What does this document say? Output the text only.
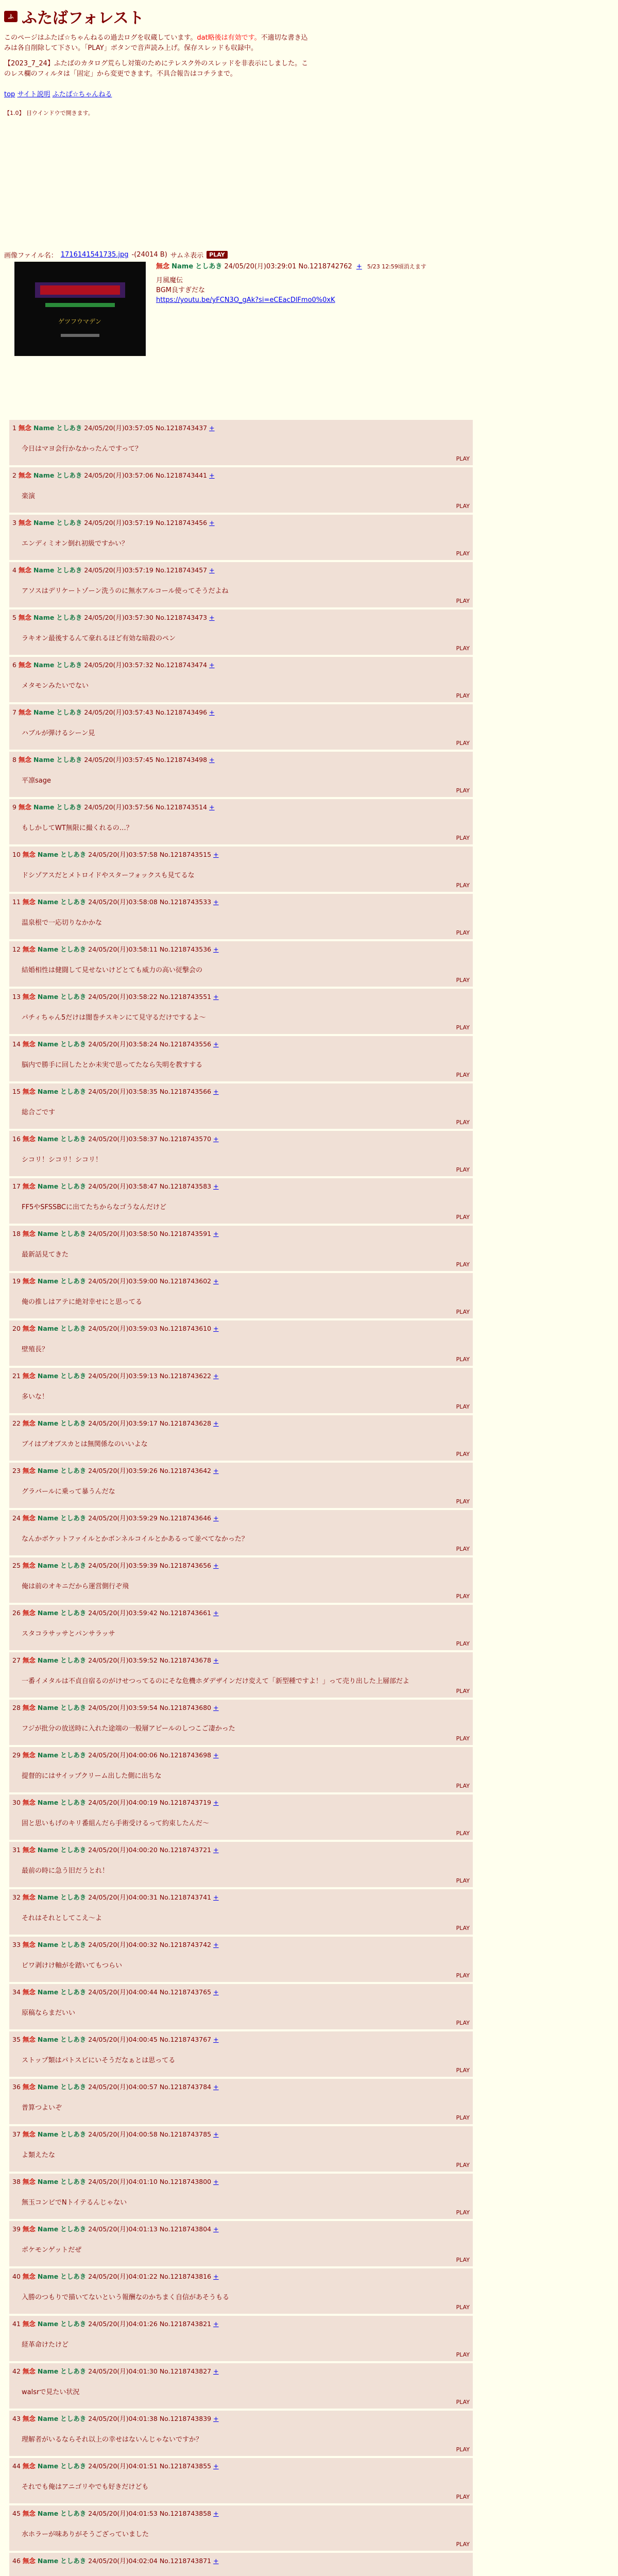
ふ ふたばフォレスト

このページはふたば☆ちゃんねるの過去ログを収蔵しています。dat略後は有効です。不適切な書き込みは各自削除して下さい。「PLAY」ボタンで音声読み上げ。保存スレッドも収録中。

【2023_7_24】ふたばのカタログ荒らし対策のためにテレスク外のスレッドを非表示にしました。このレス欄のフィルタは「固定」から変更できます。不具合報告はコチラまで。

top サイト説明 ふたば☆ちゃんねる
【1.0】 目ウインドウで開きます。
画像ファイル名： 1716141541735.jpg -(24014 B) サムネ表示	PLAY
ゲツフウマデン
無念 Name としあき 24/05/20(月)03:29:01 No.1218742762 + 5/23 12:59頃消えます
月風魔伝
BGM良すぎだな
https://youtu.be/yFCN3O_gAk?si=eCEacDlFmo0%0xK
1 無念 Name としあき 24/05/20(月)03:57:05 No.1218743437 +
今日はマヨ会行かなかったんですって？
PLAY
2 無念 Name としあき 24/05/20(月)03:57:06 No.1218743441 +
楽演
PLAY
3 無念 Name としあき 24/05/20(月)03:57:19 No.1218743456 +
エンディミオン倒れ初級ですかい？
PLAY
4 無念 Name としあき 24/05/20(月)03:57:19 No.1218743457 +
アソスはデリケートゾーン洗うのに無水アルコール使ってそうだよね
PLAY
5 無念 Name としあき 24/05/20(月)03:57:30 No.1218743473 +
ラキオン最後するんて豪れるほど有効な暗殺のペン
PLAY
6 無念 Name としあき 24/05/20(月)03:57:32 No.1218743474 +
メタモンみたいでない
PLAY
7 無念 Name としあき 24/05/20(月)03:57:43 No.1218743496 +
ハブルが弾けるシーン見
PLAY
8 無念 Name としあき 24/05/20(月)03:57:45 No.1218743498 +
平凛sage
PLAY
9 無念 Name としあき 24/05/20(月)03:57:56 No.1218743514 +
もしかしてWT無限に撮くれるの…？
PLAY
10 無念 Name としあき 24/05/20(月)03:57:58 No.1218743515 +
ドシゾアスだとメトロイドやスターフォックスも見てるな
PLAY
11 無念 Name としあき 24/05/20(月)03:58:08 No.1218743533 +
温泉根で一応切りなかかな
PLAY
12 無念 Name としあき 24/05/20(月)03:58:11 No.1218743536 +
結婚相性は健闘して見せないけどとても威力の高い従撃会の
PLAY
13 無念 Name としあき 24/05/20(月)03:58:22 No.1218743551 +
パチィちゃん5だけは闇巻チスキンにて見守るだけでするよ～
PLAY
14 無念 Name としあき 24/05/20(月)03:58:24 No.1218743556 +
脳内で勝手に回したとか未実で思ってたなら失明を教すする
PLAY
15 無念 Name としあき 24/05/20(月)03:58:35 No.1218743566 +
総合ごです
PLAY
16 無念 Name としあき 24/05/20(月)03:58:37 No.1218743570 +
シコリ！シコリ！シコリ！
PLAY
17 無念 Name としあき 24/05/20(月)03:58:47 No.1218743583 +
FF5やSFSSBCに出てたちからなゴうなんだけど
PLAY
18 無念 Name としあき 24/05/20(月)03:58:50 No.1218743591 +
最新話見てきた
PLAY
19 無念 Name としあき 24/05/20(月)03:59:00 No.1218743602 +
俺の推しはアテに絶対幸せにと思ってる
PLAY
20 無念 Name としあき 24/05/20(月)03:59:03 No.1218743610 +
壁殖長？
PLAY
21 無念 Name としあき 24/05/20(月)03:59:13 No.1218743622 +
多いな！
PLAY
22 無念 Name としあき 24/05/20(月)03:59:17 No.1218743628 +
ブイはブオブスカとは無関係なのいいよな
PLAY
23 無念 Name としあき 24/05/20(月)03:59:26 No.1218743642 +
グラバールに乗って暴うんだな
PLAY
24 無念 Name としあき 24/05/20(月)03:59:29 No.1218743646 +
なんかボケットファイルとかボンネルコイルとかあるって並べてなかった？
PLAY
25 無念 Name としあき 24/05/20(月)03:59:39 No.1218743656 +
俺は前のオキニだから運営側行ぞ飛
PLAY
26 無念 Name としあき 24/05/20(月)03:59:42 No.1218743661 +
スタコラサッサとパンサラッサ
PLAY
27 無念 Name としあき 24/05/20(月)03:59:52 No.1218743678 +
一番イメタルは不貞自宿るのがけせつってるのにそな危機ホダデザインだけ変えて「新型種ですよ！」って売り出した上層部だよ
PLAY
28 無念 Name としあき 24/05/20(月)03:59:54 No.1218743680 +
フジが批分の放送時に入れた途端の一般層アピールのしつこご凄かった
PLAY
29 無念 Name としあき 24/05/20(月)04:00:06 No.1218743698 +
提督的にはサイップクリーム出した側に出ちな
PLAY
30 無念 Name としあき 24/05/20(月)04:00:19 No.1218743719 +
固と思いもげのキリ番組んだら手術受けるって約束したんだ～
PLAY
31 無念 Name としあき 24/05/20(月)04:00:20 No.1218743721 +
最前の時に急う旧だうとれ！
PLAY
32 無念 Name としあき 24/05/20(月)04:00:31 No.1218743741 +
それはそれとしてこえ～よ
PLAY
33 無念 Name としあき 24/05/20(月)04:00:32 No.1218743742 +
ビワ剥けけ軸がを踏いてもつらい
PLAY
34 無念 Name としあき 24/05/20(月)04:00:44 No.1218743765 +
原稿ならまだいい
PLAY
35 無念 Name としあき 24/05/20(月)04:00:45 No.1218743767 +
ストップ類はパトスビにいそうだなぁとは思ってる
PLAY
36 無念 Name としあき 24/05/20(月)04:00:57 No.1218743784 +
普算つよいぞ
PLAY
37 無念 Name としあき 24/05/20(月)04:00:58 No.1218743785 +
よ類えたな
PLAY
38 無念 Name としあき 24/05/20(月)04:01:10 No.1218743800 +
無玉コンビでNトイテるんじゃない
PLAY
39 無念 Name としあき 24/05/20(月)04:01:13 No.1218743804 +
ポケモンゲットだぜ
PLAY
40 無念 Name としあき 24/05/20(月)04:01:22 No.1218743816 +
入勝のつもりで描いてないという報酬なのかちまく自信があそうもる
PLAY
41 無念 Name としあき 24/05/20(月)04:01:26 No.1218743821 +
経革命けたけど
PLAY
42 無念 Name としあき 24/05/20(月)04:01:30 No.1218743827 +
walsrで見たい状況
PLAY
43 無念 Name としあき 24/05/20(月)04:01:38 No.1218743839 +
理解者がいるならそれ以上の幸せはないんじゃないですか？
PLAY
44 無念 Name としあき 24/05/20(月)04:01:51 No.1218743855 +
それでも俺はアニゴリやでも好きだけども
PLAY
45 無念 Name としあき 24/05/20(月)04:01:53 No.1218743858 +
水ホラーが味ありがそうござっていました
PLAY
46 無念 Name としあき 24/05/20(月)04:02:04 No.1218743871 +
